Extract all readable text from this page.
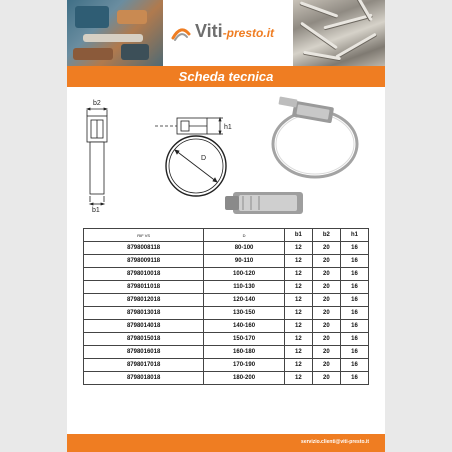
Viti-presto.it
Scheda tecnica
b2
b1
h1
D
RIF VS	D	b1	b2	h1
8798008118	80-100	12	20	16
8798009118	90-110	12	20	16
8798010018	100-120	12	20	16
8798011018	110-130	12	20	16
8798012018	120-140	12	20	16
8798013018	130-150	12	20	16
8798014018	140-160	12	20	16
8798015018	150-170	12	20	16
8798016018	160-180	12	20	16
8798017018	170-190	12	20	16
8798018018	180-200	12	20	16
servizio.clienti@viti-presto.it
